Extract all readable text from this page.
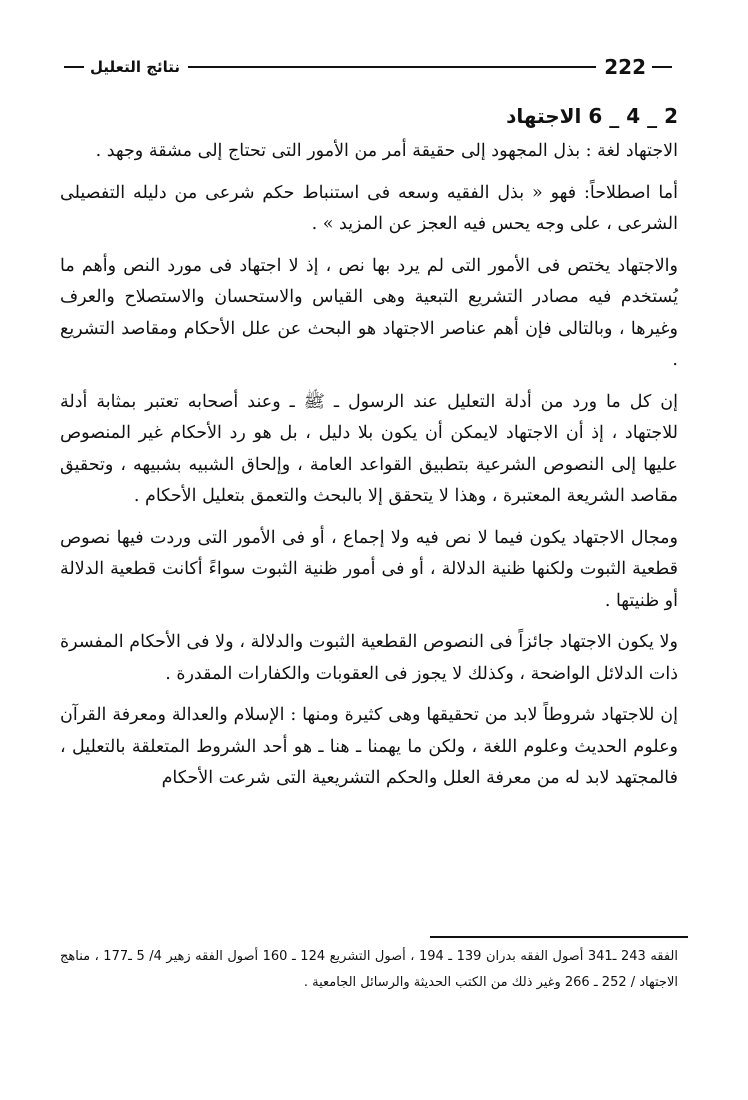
نتائج التعليل	222
6 _ 4 _ 2 الاجتهاد

الاجتهاد لغة : بذل المجهود إلى حقيقة أمر من الأمور التى تحتاج إلى مشقة وجهد .

أما اصطلاحاً: فهو « بذل الفقيه وسعه فى استنباط حكم شرعى من دليله التفصيلى الشرعى ، على وجه يحس فيه العجز عن المزيد » .

والاجتهاد يختص فى الأمور التى لم يرد بها نص ، إذ لا اجتهاد فى مورد النص وأهم ما يُستخدم فيه مصادر التشريع التبعية وهى القياس والاستحسان والاستصلاح والعرف وغيرها ، وبالتالى فإن أهم عناصر الاجتهاد هو البحث عن علل الأحكام ومقاصد التشريع .

إن كل ما ورد من أدلة التعليل عند الرسول ـ ﷺ ـ وعند أصحابه تعتبر بمثابة أدلة للاجتهاد ، إذ أن الاجتهاد لايمكن أن يكون بلا دليل ، بل هو رد الأحكام غير المنصوص عليها إلى النصوص الشرعية بتطبيق القواعد العامة ، وإلحاق الشبيه بشبيهه ، وتحقيق مقاصد الشريعة المعتبرة ، وهذا لا يتحقق إلا بالبحث والتعمق بتعليل الأحكام .

ومجال الاجتهاد يكون فيما لا نص فيه ولا إجماع ، أو فى الأمور التى وردت فيها نصوص قطعية الثبوت ولكنها ظنية الدلالة ، أو فى أمور ظنية الثبوت سواءً أكانت قطعية الدلالة أو ظنيتها .

ولا يكون الاجتهاد جائزاً فى النصوص القطعية الثبوت والدلالة ، ولا فى الأحكام المفسرة ذات الدلائل الواضحة ، وكذلك لا يجوز فى العقوبات والكفارات المقدرة .

إن للاجتهاد شروطاً لابد من تحقيقها وهى كثيرة ومنها : الإسلام والعدالة ومعرفة القرآن وعلوم الحديث وعلوم اللغة ، ولكن ما يهمنا ـ هنا ـ هو أحد الشروط المتعلقة بالتعليل ، فالمجتهد لابد له من معرفة العلل والحكم التشريعية التى شرعت الأحكام

الفقه 243 ـ341 أصول الفقه بدران 139 ـ 194 ، أصول التشريع 124 ـ 160 أصول الفقه زهير 4/ 5 ـ177 ، مناهج الاجتهاد / 252 ـ 266 وغير ذلك من الكتب الحديثة والرسائل الجامعية .
